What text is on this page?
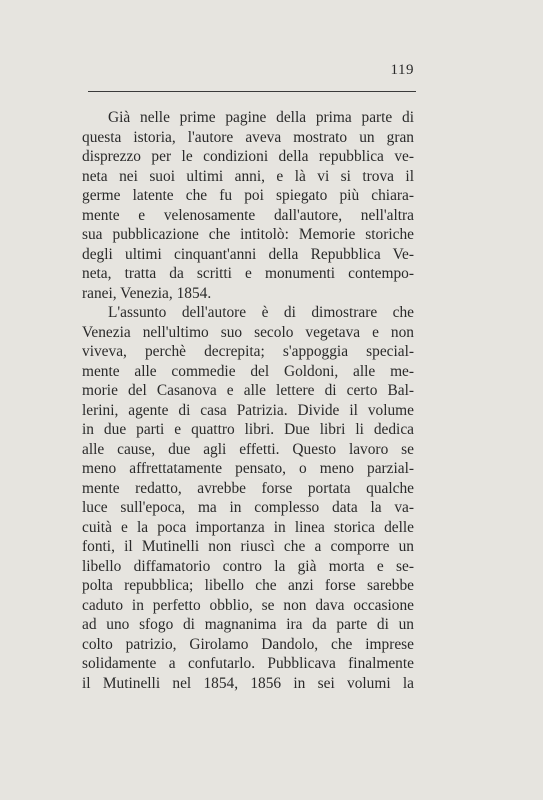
119
Già nelle prime pagine della prima parte di
questa istoria, l'autore aveva mostrato un gran
disprezzo per le condizioni della repubblica ve-
neta nei suoi ultimi anni, e là vi si trova il
germe latente che fu poi spiegato più chiara-
mente e velenosamente dall'autore, nell'altra
sua pubblicazione che intitolò: Memorie storiche
degli ultimi cinquant'anni della Repubblica Ve-
neta, tratta da scritti e monumenti contempo-
ranei, Venezia, 1854.
L'assunto dell'autore è di dimostrare che
Venezia nell'ultimo suo secolo vegetava e non
viveva, perchè decrepita; s'appoggia special-
mente alle commedie del Goldoni, alle me-
morie del Casanova e alle lettere di certo Bal-
lerini, agente di casa Patrizia. Divide il volume
in due parti e quattro libri. Due libri li dedica
alle cause, due agli effetti. Questo lavoro se
meno affrettatamente pensato, o meno parzial-
mente redatto, avrebbe forse portata qualche
luce sull'epoca, ma in complesso data la va-
cuità e la poca importanza in linea storica delle
fonti, il Mutinelli non riuscì che a comporre un
libello diffamatorio contro la già morta e se-
polta repubblica; libello che anzi forse sarebbe
caduto in perfetto obblio, se non dava occasione
ad uno sfogo di magnanima ira da parte di un
colto patrizio, Girolamo Dandolo, che imprese
solidamente a confutarlo. Pubblicava finalmente
il Mutinelli nel 1854, 1856 in sei volumi la
